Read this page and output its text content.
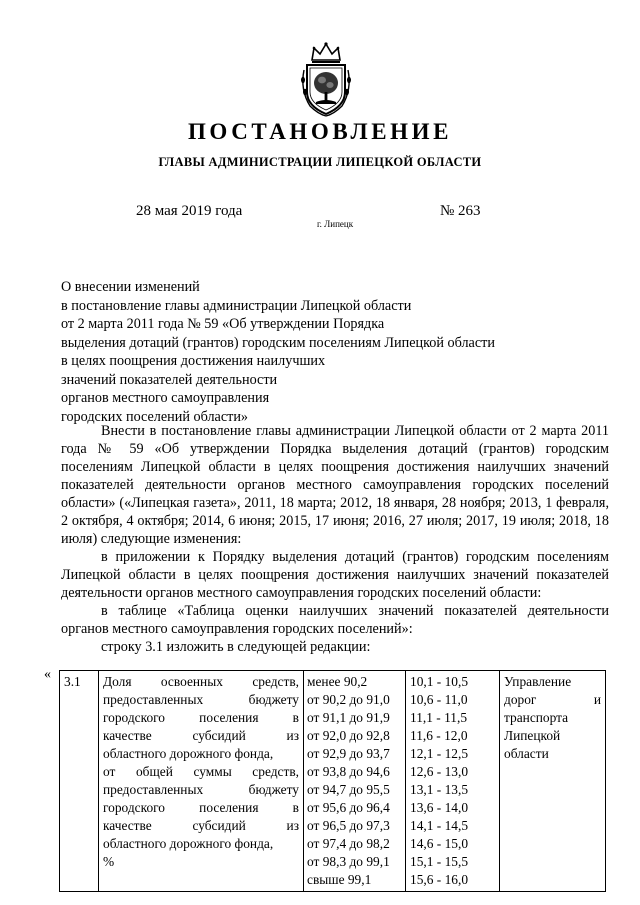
ПОСТАНОВЛЕНИЕ
ГЛАВЫ АДМИНИСТРАЦИИ ЛИПЕЦКОЙ ОБЛАСТИ
28 мая 2019 года
г. Липецк
№ 263
О внесении изменений
в постановление главы администрации Липецкой области
от 2 марта 2011 года № 59 «Об утверждении Порядка
выделения дотаций (грантов) городским поселениям Липецкой области
в целях поощрения достижения наилучших
значений показателей деятельности
органов местного самоуправления
городских поселений области»

Внести в постановление главы администрации Липецкой области от 2 марта 2011 года № 59 «Об утверждении Порядка выделения дотаций (грантов) городским поселениям Липецкой области в целях поощрения достижения наилучших значений показателей деятельности органов местного самоуправления городских поселений области» («Липецкая газета», 2011, 18 марта; 2012, 18 января, 28 ноября; 2013, 1 февраля, 2 октября, 4 октября; 2014, 6 июня; 2015, 17 июня; 2016, 27 июля; 2017, 19 июля; 2018, 18 июля) следующие изменения:

в приложении к Порядку выделения дотаций (грантов) городским поселениям Липецкой области в целях поощрения достижения наилучших значений показателей деятельности органов местного самоуправления городских поселений области:

в таблице «Таблица оценки наилучших значений показателей деятельности органов местного самоуправления городских поселений»:

строку 3.1 изложить в следующей редакции:

« 3.1	Доля освоенных средств,
предоставленных бюджету
городского поселения в
качестве субсидий из
областного дорожного фонда,
от общей суммы средств,
предоставленных бюджету
городского поселения в
качестве субсидий из
областного дорожного фонда,
%

менее 90,2
от 90,2 до 91,0
от 91,1 до 91,9
от 92,0 до 92,8
от 92,9 до 93,7
от 93,8 до 94,6
от 94,7 до 95,5
от 95,6 до 96,4
от 96,5 до 97,3
от 97,4 до 98,2
от 98,3 до 99,1
свыше 99,1

10,1 - 10,5
10,6 - 11,0
11,1 - 11,5
11,6 - 12,0
12,1 - 12,5
12,6 - 13,0
13,1 - 13,5
13,6 - 14,0
14,1 - 14,5
14,6 - 15,0
15,1 - 15,5
15,6 - 16,0

Управление
дорог и
транспорта
Липецкой
области
